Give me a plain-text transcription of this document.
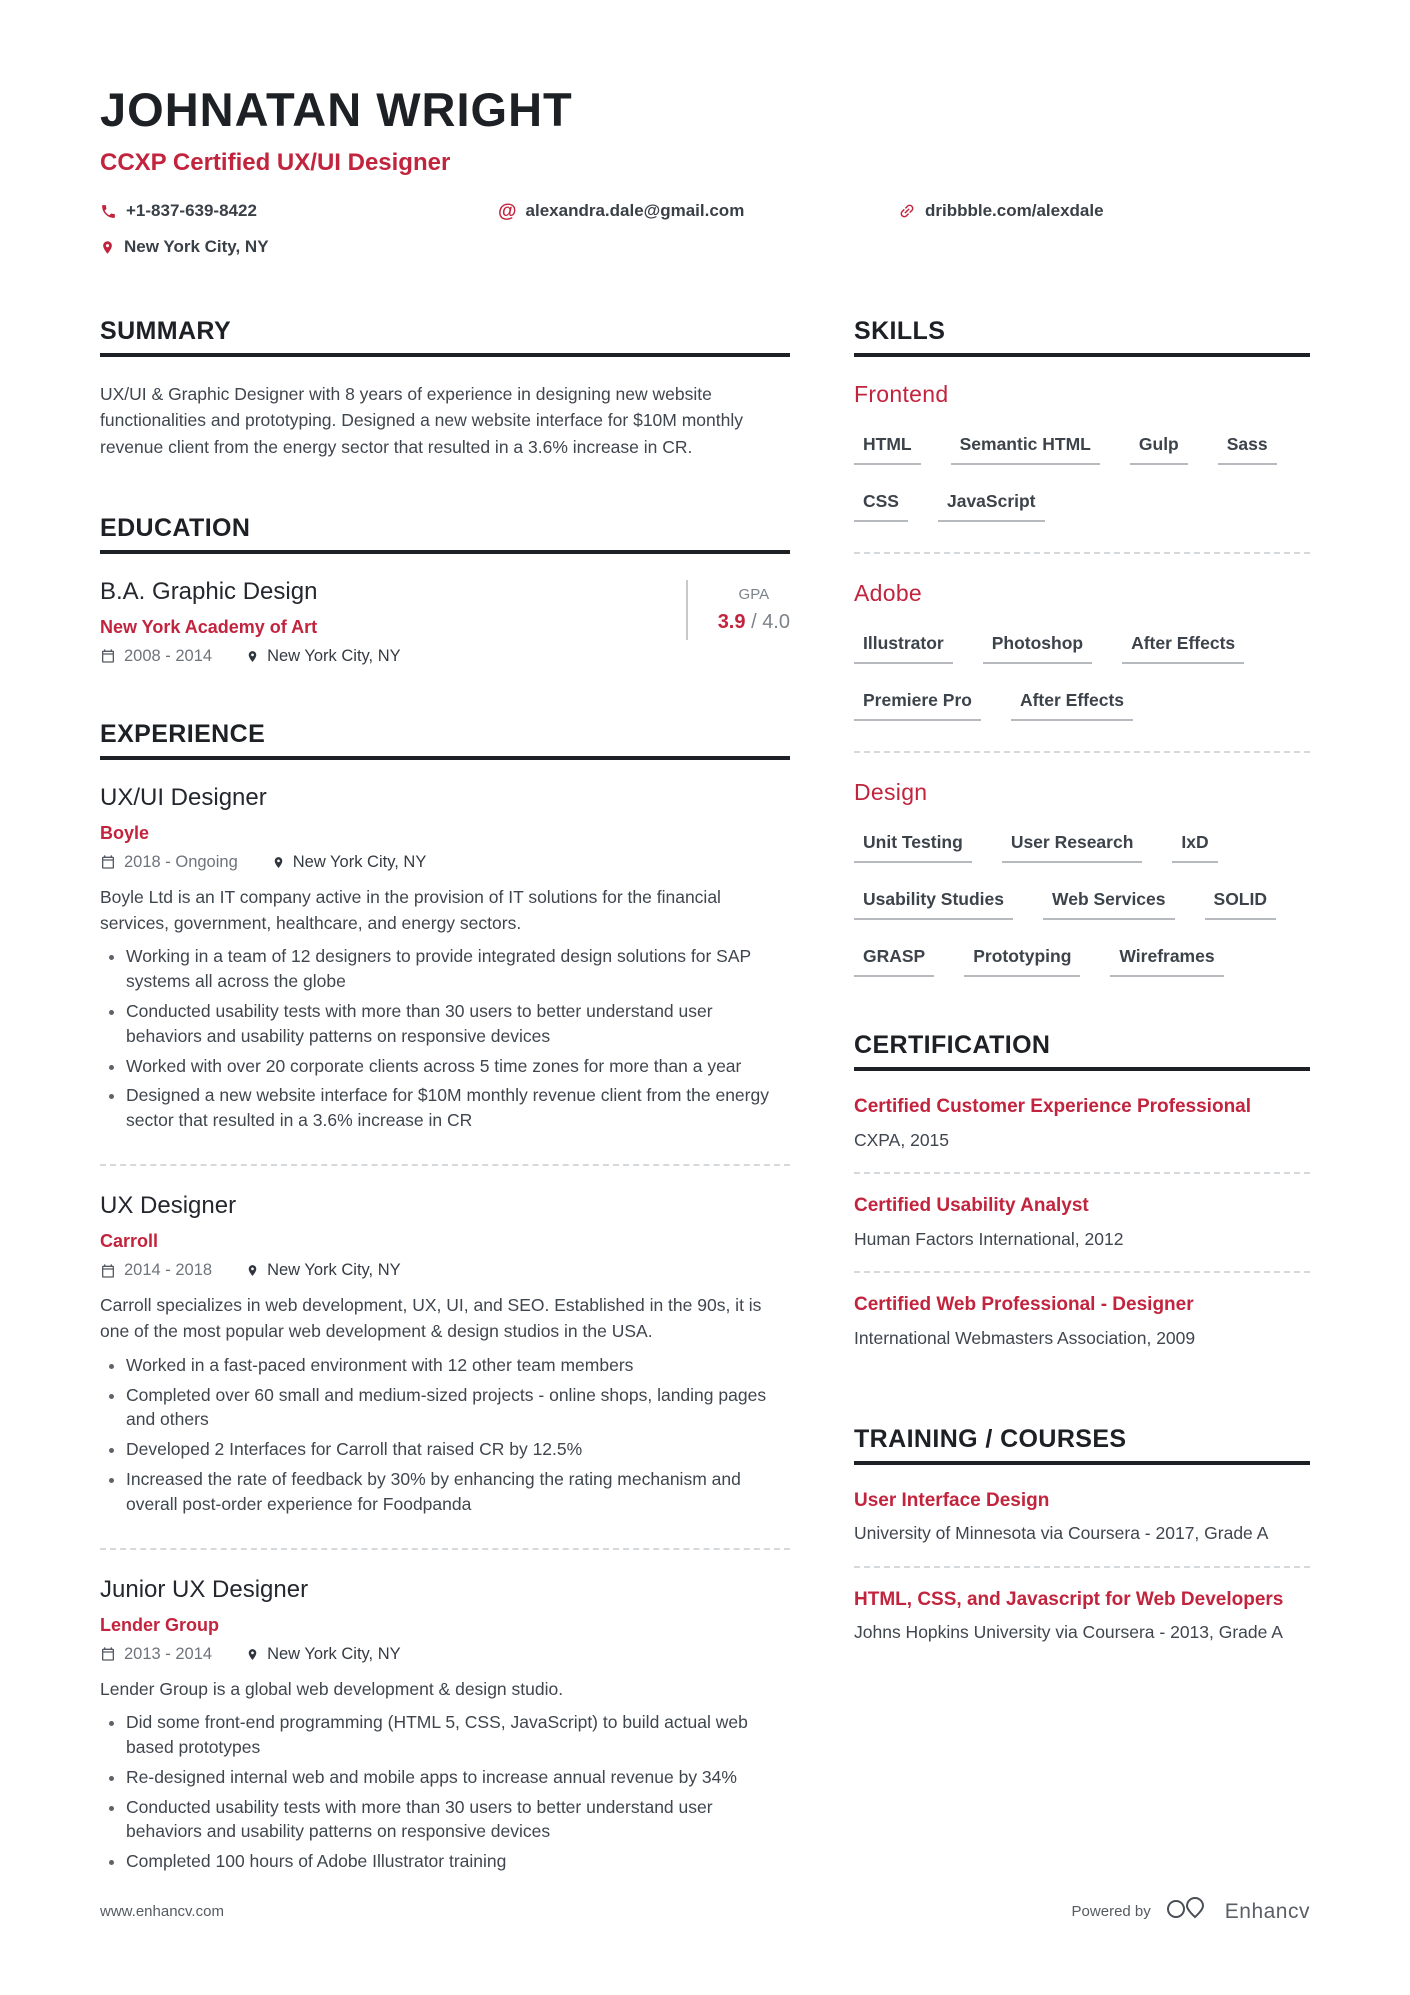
JOHNATAN WRIGHT
CCXP Certified UX/UI Designer
+1-837-639-8422	@ alexandra.dale@gmail.com	dribbble.com/alexdale
New York City, NY
SUMMARY

UX/UI & Graphic Designer with 8 years of experience in designing new website functionalities and prototyping. Designed a new website interface for $10M monthly revenue client from the energy sector that resulted in a 3.6% increase in CR.

EDUCATION
B.A. Graphic Design
New York Academy of Art
2008 - 2014	New York City, NY
GPA
3.9 / 4.0
EXPERIENCE
UX/UI Designer
Boyle
2018 - Ongoing	New York City, NY

Boyle Ltd is an IT company active in the provision of IT solutions for the financial services, government, healthcare, and energy sectors.

• Working in a team of 12 designers to provide integrated design solutions for SAP systems all across the globe
• Conducted usability tests with more than 30 users to better understand user behaviors and usability patterns on responsive devices
• Worked with over 20 corporate clients across 5 time zones for more than a year
• Designed a new website interface for $10M monthly revenue client from the energy sector that resulted in a 3.6% increase in CR
UX Designer
Carroll
2014 - 2018	New York City, NY

Carroll specializes in web development, UX, UI, and SEO. Established in the 90s, it is one of the most popular web development & design studios in the USA.

• Worked in a fast-paced environment with 12 other team members
• Completed over 60 small and medium-sized projects - online shops, landing pages and others
• Developed 2 Interfaces for Carroll that raised CR by 12.5%
• Increased the rate of feedback by 30% by enhancing the rating mechanism and overall post-order experience for Foodpanda
Junior UX Designer
Lender Group
2013 - 2014	New York City, NY

Lender Group is a global web development & design studio.

• Did some front-end programming (HTML 5, CSS, JavaScript) to build actual web based prototypes
• Re-designed internal web and mobile apps to increase annual revenue by 34%
• Conducted usability tests with more than 30 users to better understand user behaviors and usability patterns on responsive devices
• Completed 100 hours of Adobe Illustrator training
SKILLS
Frontend
HTML	Semantic HTML	Gulp	Sass
CSS	JavaScript
Adobe
Illustrator	Photoshop	After Effects
Premiere Pro	After Effects
Design
Unit Testing	User Research	IxD
Usability Studies	Web Services	SOLID
GRASP	Prototyping	Wireframes
CERTIFICATION
Certified Customer Experience Professional
CXPA, 2015
Certified Usability Analyst
Human Factors International, 2012
Certified Web Professional - Designer
International Webmasters Association, 2009
TRAINING / COURSES
User Interface Design
University of Minnesota via Coursera - 2017, Grade A
HTML, CSS, and Javascript for Web Developers
Johns Hopkins University via Coursera - 2013, Grade A
www.enhancv.com	Powered by	Enhancv
